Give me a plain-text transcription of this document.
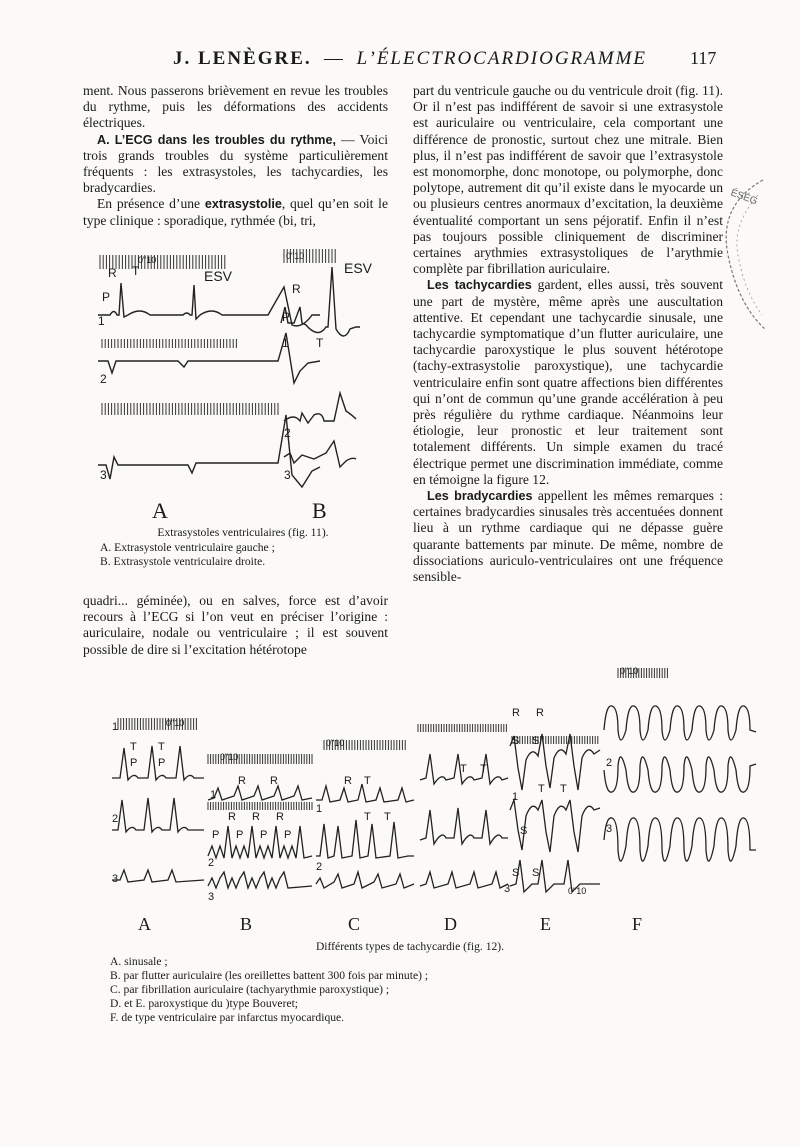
J. LENÈGRE. — L’ÉLECTROCARDIOGRAMME	117

ment. Nous passerons brièvement en revue les troubles du rythme, puis les déformations des accidents électriques.

A. L’ECG dans les troubles du rythme, — Voici trois grands troubles du système particulièrement fréquents : les extrasystoles, les tachycardies, les bradycardies.

En présence d’une extrasystolie, quel qu’en soit le type clinique : sporadique, rythmée (bi, tri,

R T	ESV
P
1
2
3
0"10	0"10
ESV
R
P
T
1
2
3
A	B
Extrasystoles ventriculaires (fig. 11).
A. Extrasystole ventriculaire gauche ;
B. Extrasystole ventriculaire droite.

quadri... géminée), ou en salves, force est d’avoir recours à l’ECG si l’on veut en préciser l’origine : auriculaire, nodale ou ventriculaire ; il est souvent possible de dire si l’excitation hétérotope

part du ventricule gauche ou du ventricule droit (fig. 11). Or il n’est pas indifférent de savoir si une extrasystole est auriculaire ou ventriculaire, cela comportant une différence de pronostic, surtout chez une mitrale. Bien plus, il n’est pas indifférent de savoir que l’extrasystole est monomorphe, donc monotope, ou polymorphe, donc polytope, autrement dit qu’il existe dans le myocarde un ou plusieurs centres anormaux d’excitation, la deuxième éventualité comportant un sens péjoratif. Enfin il n’est pas toujours possible cliniquement de discriminer certaines arythmies extrasystoliques de l’arythmie complète par fibrillation auriculaire.

Les tachycardies gardent, elles aussi, très souvent une part de mystère, même après une auscultation attentive. Et cependant une tachycardie sinusale, une tachycardie symptomatique d’un flutter auriculaire, une tachycardie paroxystique le plus souvent hétérotope (tachy-extrasystolie paroxystique), une tachycardie ventriculaire enfin sont quatre affections bien différentes qui n’ont de commun qu’une grande accélération à peu près régulière du rythme cardiaque. Néanmoins leur étiologie, leur pronostic et leur traitement sont totalement différents. Un simple examen du tracé électrique permet une discrimination immédiate, comme en témoigne la figure 12.

Les bradycardies appellent les mêmes remarques : certaines bradycardies sinusales très accentuées donnent lieu à un rythme cardiaque qui ne dépasse guère quarante battements par minute. De même, nombre de dissociations auriculo-ventriculaires ont une fréquence sensible-

ÉSÉG
1
T
P
T
P
2
3
0"10
0"10
R R
1
R R R
P P P P
2
3
0"10
R T
1
T T
2
T T
R R
S S
1
S
T T
S S
3	0"10
2
3
0"10
A	B	C	D	E	F
Différents types de tachycardie (fig. 12).
A. sinusale ;
B. par flutter auriculaire (les oreillettes battent 300 fois par minute) ;
C. par fibrillation auriculaire (tachyarythmie paroxystique) ;
D. et E. paroxystique du )type Bouveret;
F. de type ventriculaire par infarctus myocardique.
